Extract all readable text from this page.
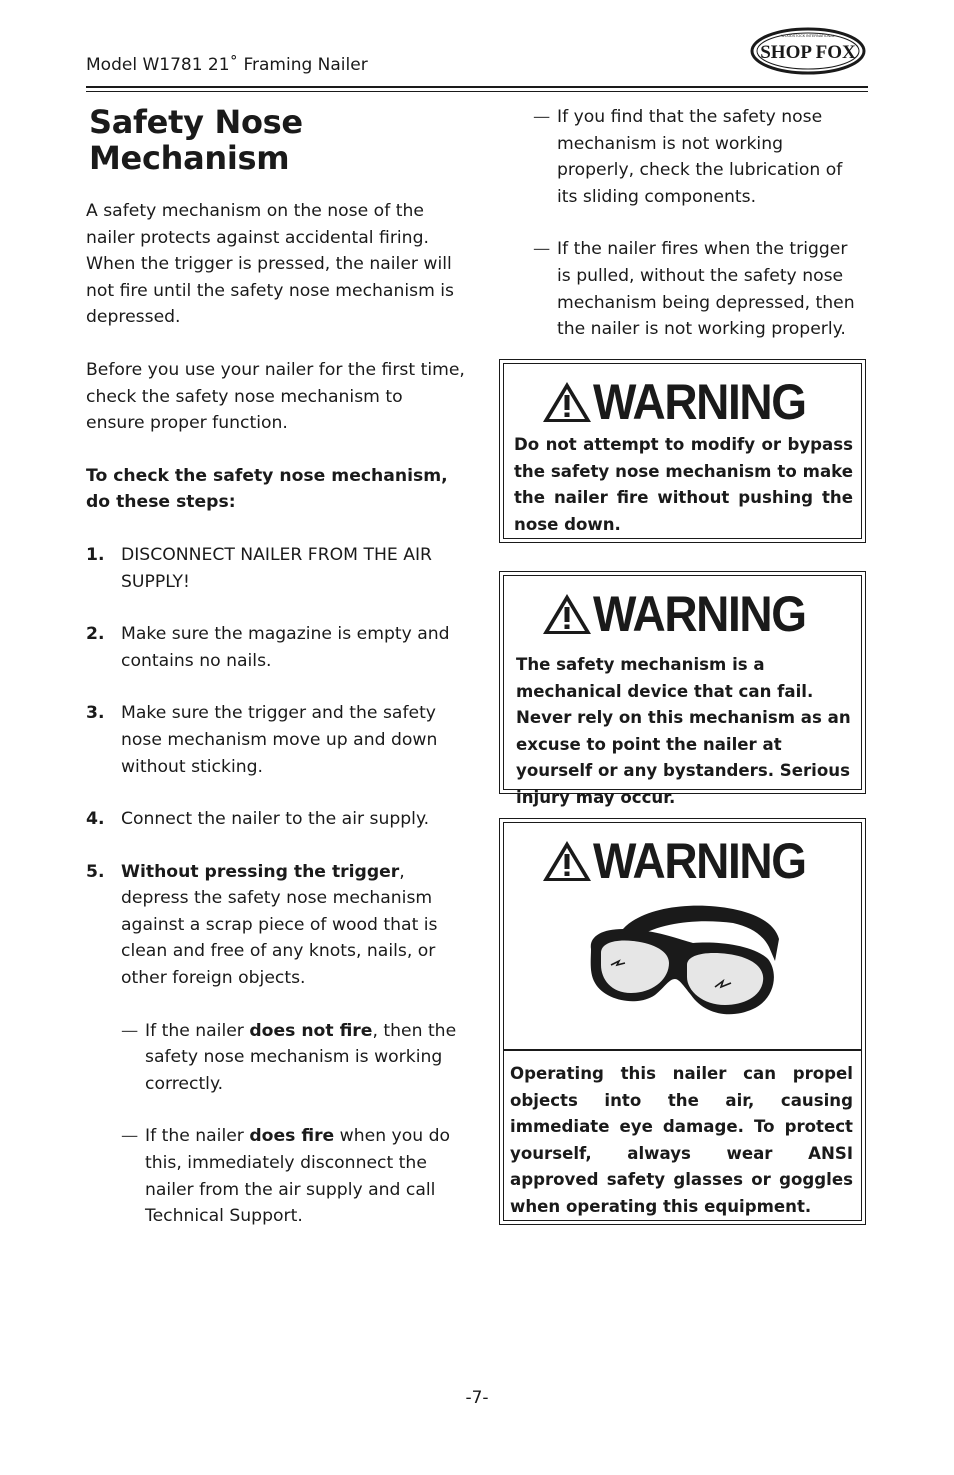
Model W1781 21˚ Framing Nailer
SHOP FOX
WOODSTOCK INTERNATIONAL
Safety Nose Mechanism

A safety mechanism on the nose of the nailer protects against accidental firing. When the trigger is pressed, the nailer will not fire until the safety nose mechanism is depressed.

Before you use your nailer for the first time, check the safety nose mechanism to ensure proper function.

To check the safety nose mechanism, do these steps:

1. DISCONNECT NAILER FROM THE AIR SUPPLY!
2. Make sure the magazine is empty and contains no nails.
3. Make sure the trigger and the safety nose mechanism move up and down without sticking.
4. Connect the nailer to the air supply.
5. Without pressing the trigger, depress the safety nose mechanism against a scrap piece of wood that is clean and free of any knots, nails, or other foreign objects.
— If the nailer does not fire, then the safety nose mechanism is working correctly.
— If the nailer does fire when you do this, immediately disconnect the nailer from the air supply and call Technical Support.
— If you find that the safety nose mechanism is not working properly, check the lubrication of its sliding components.
— If the nailer fires when the trigger is pulled, without the safety nose mechanism being depressed, then the nailer is not working properly.
WARNING
Do not attempt to modify or bypass the safety nose mechanism to make the nailer fire without pushing the nose down.
WARNING
The safety mechanism is a mechanical device that can fail. Never rely on this mechanism as an excuse to point the nailer at yourself or any bystanders. Serious injury may occur.
WARNING
Operating this nailer can propel objects into the air, causing immediate eye damage. To protect yourself, always wear ANSI approved safety glasses or goggles when operating this equipment.
-7-
